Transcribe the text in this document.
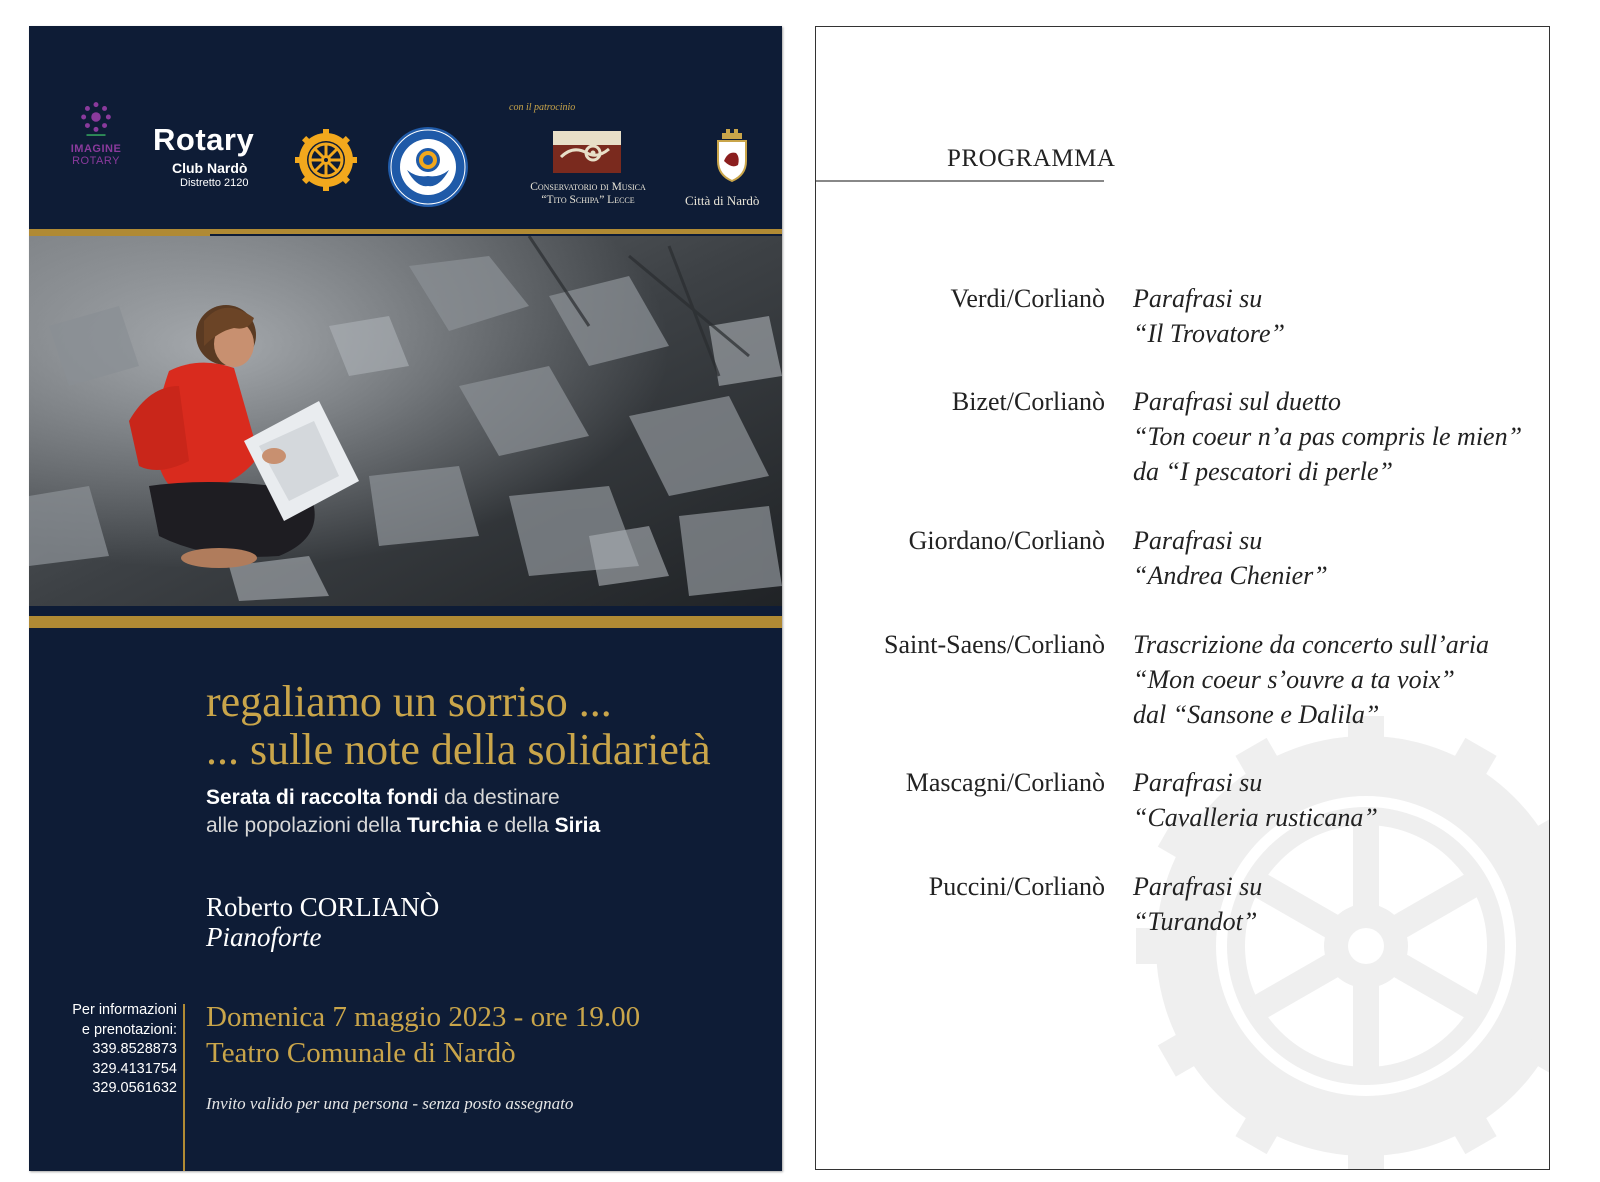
IMAGINE
ROTARY
Rotary
Club Nardò
Distretto 2120
con il patrocinio
Conservatorio di Musica
“Tito Schipa” Lecce	Città di Nardò
regaliamo un sorriso ...
... sulle note della solidarietà
Serata di raccolta fondi da destinare
alle popolazioni della Turchia e della Siria
Roberto CORLIANÒ
Pianoforte
Per informazioni
e prenotazioni:
339.8528873
329.4131754
329.0561632
Domenica 7 maggio 2023 - ore 19.00
Teatro Comunale di Nardò
Invito valido per una persona - senza posto assegnato
PROGRAMMA
Verdi/Corlianò Parafrasi su
“Il Trovatore”
Bizet/Corlianò Parafrasi sul duetto
“Ton coeur n’a pas compris le mien”
da “I pescatori di perle”
Giordano/Corlianò Parafrasi su
“Andrea Chenier”
Saint-Saens/Corlianò Trascrizione da concerto sull’aria
“Mon coeur s’ouvre a ta voix”
dal “Sansone e Dalila”
Mascagni/Corlianò Parafrasi su
“Cavalleria rusticana”
Puccini/Corlianò Parafrasi su
“Turandot”
